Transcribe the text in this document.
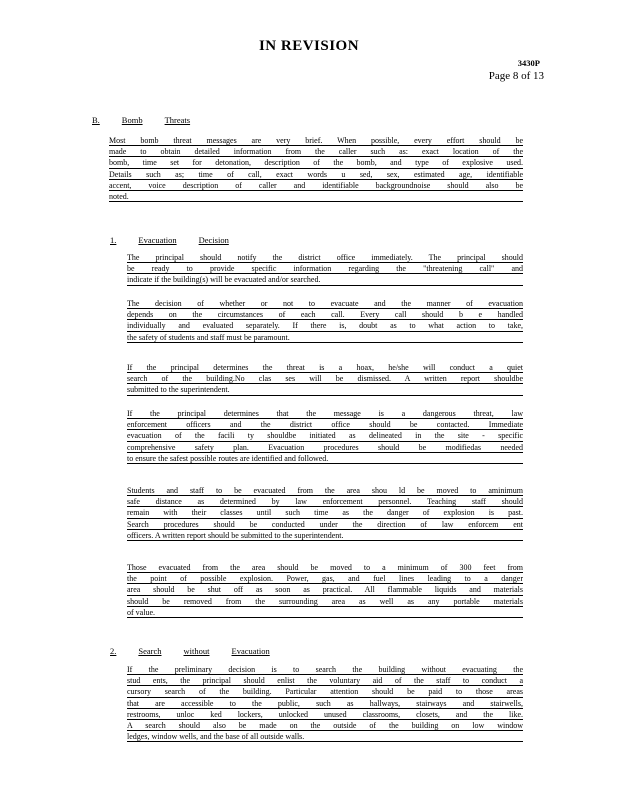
IN REVISION
3430P
Page 8 of 13
B.	Bomb	Threats
Most bomb threat messages are very brief. When possible, every effort should be
made to obtain detailed information from the caller such as: exact location of the
bomb, time set for detonation, description of the bomb, and type of explosive used.
Details such as; time of call, exact words u sed, sex, estimated age, identifiable
accent, voice description of caller and identifiable backgroundnoise should also be
noted.
1.	Evacuation	Decision
The principal should notify the district office immediately. The principal should
be ready to provide specific information regarding the "threatening call" and
indicate if the building(s) will be evacuated and/or searched.
The decision of whether or not to evacuate and the manner of evacuation
depends on the circumstances of each call. Every call should b e handled
individually and evaluated separately. If there is, doubt as to what action to take,
the safety of students and staff must be paramount.
If the principal determines the threat is a hoax, he/she will conduct a quiet
search of the building.No clas ses will be dismissed. A written report shouldbe
submitted to the superintendent.
If the principal determines that the message is a dangerous threat, law
enforcement officers and the district office should be contacted. Immediate
evacuation of the facili ty shouldbe initiated as delineated in the site - specific
comprehensive safety plan. Evacuation procedures should be modifiedas needed
to ensure the safest possible routes are identified and followed.
Students and staff to be evacuated from the area shou ld be moved to aminimum
safe distance as determined by law enforcement personnel. Teaching staff should
remain with their classes until such time as the danger of explosion is past.
Search procedures should be conducted under the direction of law enforcem ent
officers. A written report should be submitted to the superintendent.
Those evacuated from the area should be moved to a minimum of 300 feet from
the point of possible explosion. Power, gas, and fuel lines leading to a danger
area should be shut off as soon as practical. All flammable liquids and materials
should be removed from the surrounding area as well as any portable materials
of value.
2.	Search	without	Evacuation
If the preliminary decision is to search the building without evacuating the
stud ents, the principal should enlist the voluntary aid of the staff to conduct a
cursory search of the building. Particular attention should be paid to those areas
that are accessible to the public, such as hallways, stairways and stairwells,
restrooms, unloc ked lockers, unlocked unused classrooms, closets, and the like.
A search should also be made on the outside of the building on low window
ledges, window wells, and the base of all outside walls.
